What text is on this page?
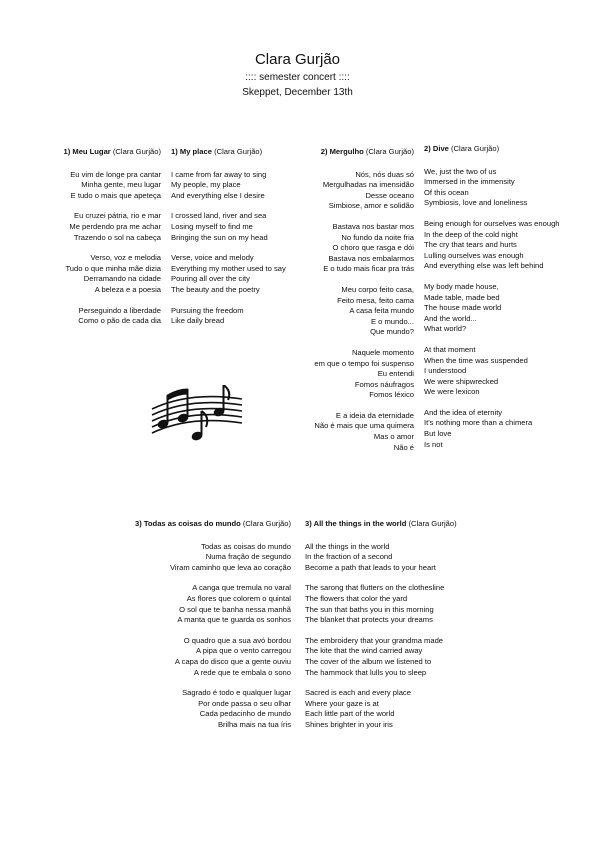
Clara Gurjão
:::: semester concert ::::
Skeppet, December 13th
1) Meu Lugar (Clara Gurjão)
Eu vim de longe pra cantar
Minha gente, meu lugar
E tudo o mais que apeteça
Eu cruzei pátria, rio e mar
Me perdendo pra me achar
Trazendo o sol na cabeça
Verso, voz e melodia
Tudo o que minha mãe dizia
Derramando na cidade
A beleza e a poesia
Perseguindo a liberdade
Como o pão de cada dia
1) My place (Clara Gurjão)
I came from far away to sing
My people, my place
And everything else I desire
I crossed land, river and sea
Losing myself to find me
Bringing the sun on my head
Verse, voice and melody
Everything my mother used to say
Pouring all over the city
The beauty and the poetry
Pursuing the freedom
Like daily bread
2) Mergulho (Clara Gurjão)
Nós, nós duas só
Mergulhadas na imensidão
Desse oceano
Simbiose, amor e solidão
Bastava nos bastar mos
No fundo da noite fria
O choro que rasga e dói
Bastava nos embalarmos
E o tudo mais ficar pra trás
Meu corpo feito casa,
Feito mesa, feito cama
A casa feita mundo
E o mundo...
Que mundo?
Naquele momento
em que o tempo foi suspenso
Eu entendi
Fomos náufragos
Fomos léxico
E a ideia da eternidade
Não é mais que uma quimera
Mas o amor
Não é
2) Dive (Clara Gurjão)
We, just the two of us
Immersed in the immensity
Of this ocean
Symbiosis, love and loneliness
Being enough for ourselves was enough
In the deep of the cold night
The cry that tears and hurts
Lulling ourselves was enough
And everything else was left behind
My body made house,
Made table, made bed
The house made world
And the world...
What world?
At that moment
When the time was suspended
I understood
We were shipwrecked
We were lexicon
And the idea of eternity
It's nothing more than a chimera
But love
Is not
3) Todas as coisas do mundo (Clara Gurjão)
Todas as coisas do mundo
Numa fração de segundo
Viram caminho que leva ao coração
A canga que tremula no varal
As flores que colorem o quintal
O sol que te banha nessa manhã
A manta que te guarda os sonhos
O quadro que a sua avó bordou
A pipa que o vento carregou
A capa do disco que a gente ouviu
A rede que te embala o sono
Sagrado é todo e qualquer lugar
Por onde passa o seu olhar
Cada pedacinho de mundo
Brilha mais na tua íris
3) All the things in the world (Clara Gurjão)
All the things in the world
In the fraction of a second
Become a path that leads to your heart
The sarong that flutters on the clothesline
The flowers that color the yard
The sun that baths you in this morning
The blanket that protects your dreams
The embroidery that your grandma made
The kite that the wind carried away
The cover of the album we listened to
The hammock that lulls you to sleep
Sacred is each and every place
Where your gaze is at
Each little part of the world
Shines brighter in your iris
